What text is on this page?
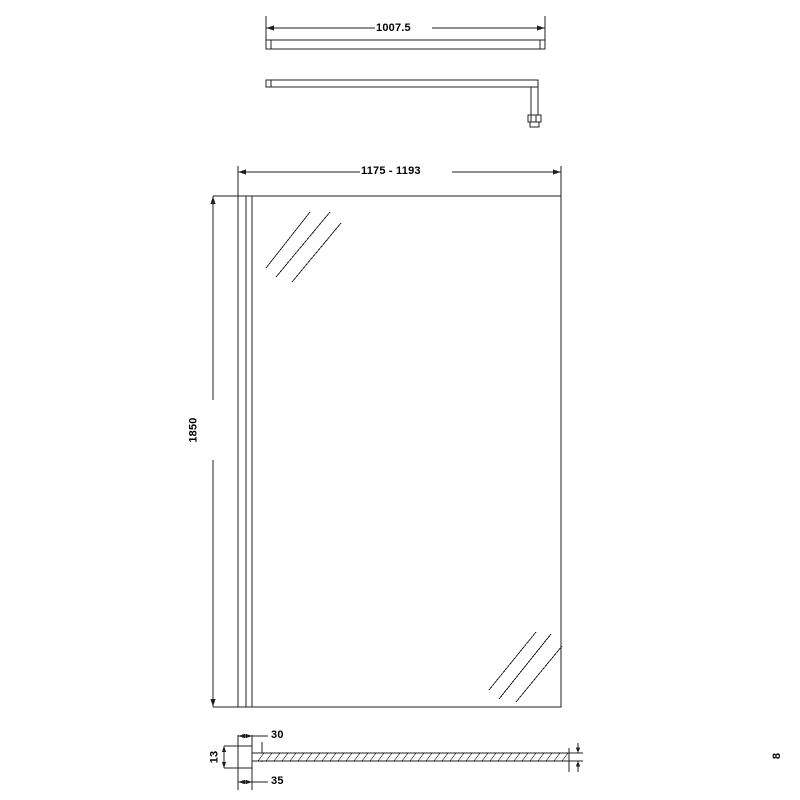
1007.5
1175 - 1193
1850
30
35
13	8
